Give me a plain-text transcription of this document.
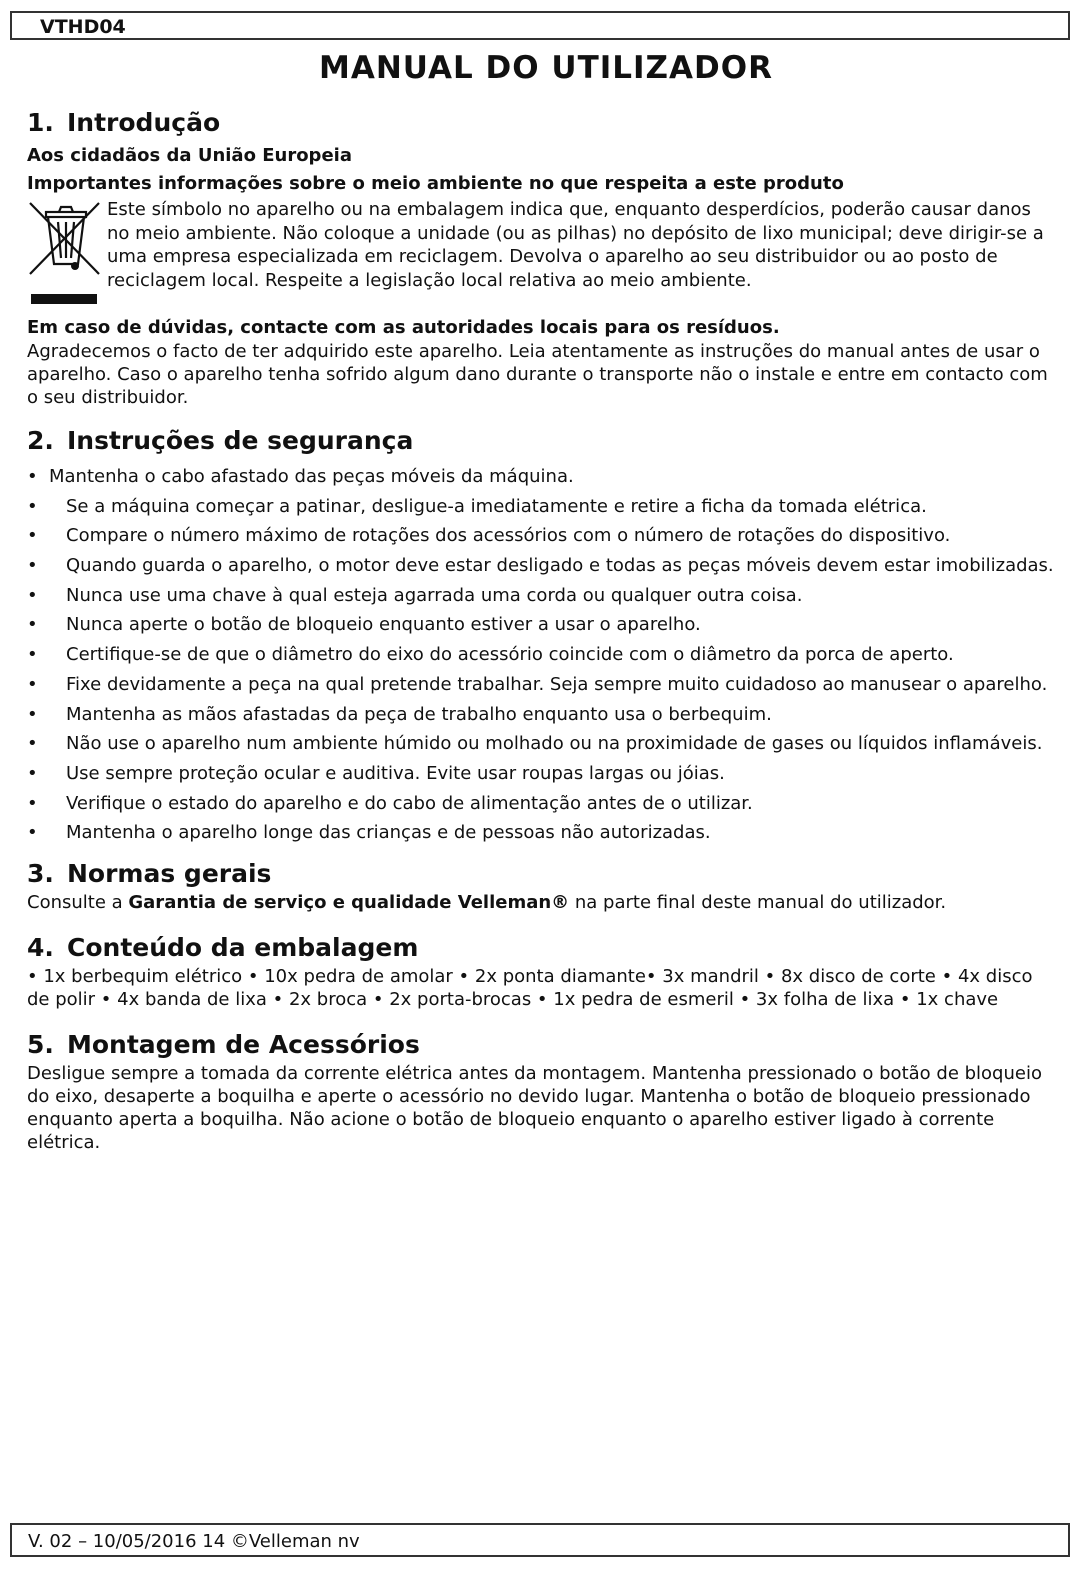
VTHD04
MANUAL DO UTILIZADOR
1. Introdução
Aos cidadãos da União Europeia
Importantes informações sobre o meio ambiente no que respeita a este produto
Este símbolo no aparelho ou na embalagem indica que, enquanto desperdícios, poderão causar danos no meio ambiente. Não coloque a unidade (ou as pilhas) no depósito de lixo municipal; deve dirigir-se a uma empresa especializada em reciclagem. Devolva o aparelho ao seu distribuidor ou ao posto de reciclagem local. Respeite a legislação local relativa ao meio ambiente.
Em caso de dúvidas, contacte com as autoridades locais para os resíduos.

Agradecemos o facto de ter adquirido este aparelho. Leia atentamente as instruções do manual antes de usar o aparelho. Caso o aparelho tenha sofrido algum dano durante o transporte não o instale e entre em contacto com o seu distribuidor.

2. Instruções de segurança
• Mantenha o cabo afastado das peças móveis da máquina.
• Se a máquina começar a patinar, desligue-a imediatamente e retire a ficha da tomada elétrica.
• Compare o número máximo de rotações dos acessórios com o número de rotações do dispositivo.
• Quando guarda o aparelho, o motor deve estar desligado e todas as peças móveis devem estar imobilizadas.
• Nunca use uma chave à qual esteja agarrada uma corda ou qualquer outra coisa.
• Nunca aperte o botão de bloqueio enquanto estiver a usar o aparelho.
• Certifique-se de que o diâmetro do eixo do acessório coincide com o diâmetro da porca de aperto.
• Fixe devidamente a peça na qual pretende trabalhar. Seja sempre muito cuidadoso ao manusear o aparelho.
• Mantenha as mãos afastadas da peça de trabalho enquanto usa o berbequim.
• Não use o aparelho num ambiente húmido ou molhado ou na proximidade de gases ou líquidos inflamáveis.
• Use sempre proteção ocular e auditiva. Evite usar roupas largas ou jóias.
• Verifique o estado do aparelho e do cabo de alimentação antes de o utilizar.
• Mantenha o aparelho longe das crianças e de pessoas não autorizadas.
3. Normas gerais

Consulte a Garantia de serviço e qualidade Velleman® na parte final deste manual do utilizador.

4. Conteúdo da embalagem

• 1x berbequim elétrico • 10x pedra de amolar • 2x ponta diamante• 3x mandril • 8x disco de corte • 4x disco de polir • 4x banda de lixa • 2x broca • 2x porta-brocas • 1x pedra de esmeril • 3x folha de lixa • 1x chave

5. Montagem de Acessórios

Desligue sempre a tomada da corrente elétrica antes da montagem. Mantenha pressionado o botão de bloqueio do eixo, desaperte a boquilha e aperte o acessório no devido lugar. Mantenha o botão de bloqueio pressionado enquanto aperta a boquilha. Não acione o botão de bloqueio enquanto o aparelho estiver ligado à corrente elétrica.

V. 02 – 10/05/2016 14 ©Velleman nv
